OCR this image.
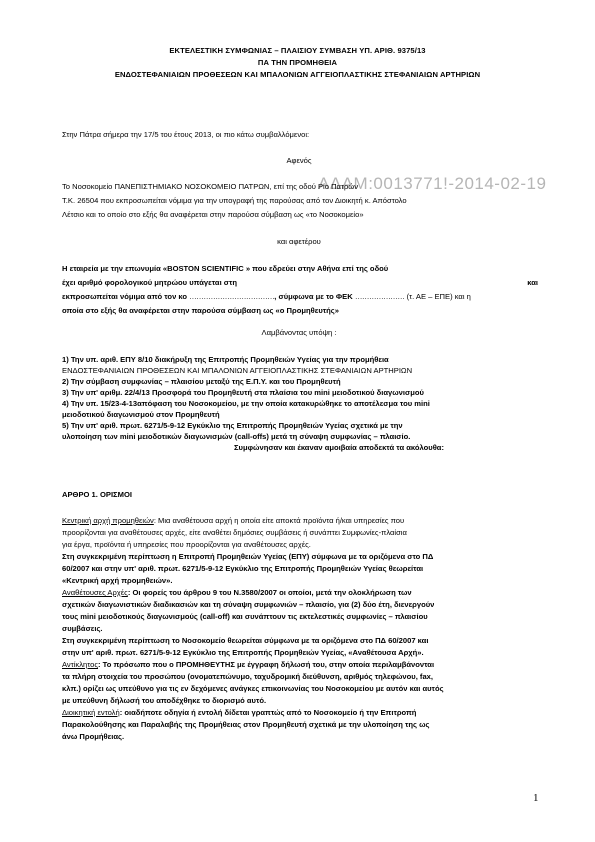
ΕΚΤΕΛΕΣΤΙΚΗ ΣΥΜΦΩΝΙΑΣ – ΠΛΑΙΣΙΟΥ ΣΥΜΒΑΣΗ ΥΠ. ΑΡΙΘ. 9375/13
ΠΑ ΤΗΝ ΠΡΟΜΗΘΕΙΑ
ΕΝΔΟΣΤΕΦΑΝΙΑΙΩΝ ΠΡΟΘΕΣΕΩΝ ΚΑΙ ΜΠΑΛΟΝΙΩΝ ΑΓΓΕΙΟΠΛΑΣΤΙΚΗΣ ΣΤΕΦΑΝΙΑΙΩΝ ΑΡΤΗΡΙΩΝ
ΑΔΑΜ:0013771!-2014-02-19
Στην Πάτρα σήμερα την 17/5 του έτους 2013, οι πιο κάτω συμβαλλόμενοι:
Αφενός
Το Νοσοκομείο ΠΑΝΕΠΙΣΤΗΜΙΑΚΟ ΝΟΣΟΚΟΜΕΙΟ ΠΑΤΡΩΝ, επί της οδού Ρίο Πατρών
Τ.Κ. 26504 που εκπροσωπείται νόμιμα για την υπογραφή της παρούσας από τον Διοικητή κ. Απόστολο
Λέτσιο και το οποίο στο εξής θα αναφέρεται στην παρούσα σύμβαση ως «το Νοσοκομείο»
και αφετέρου
Η εταιρεία με την επωνυμία «BOSTON SCIENTIFIC » που εδρεύει στην Αθήνα επί της οδού
έχει αριθμό φορολογικού μητρώου υπάγεται στη	και
εκπροσωπείται νόμιμα από τον κο ………………………………, σύμφωνα με το ΦΕΚ ………………… (τ. ΑΕ – ΕΠΕ) και η
οποία στο εξής θα αναφέρεται στην παρούσα σύμβαση ως «ο Προμηθευτής»
Λαμβάνοντας υπόψη :
1) Την υπ. αριθ. ΕΠΥ 8/10 διακήρυξη της Επιτροπής Προμηθειών Υγείας για την προμήθεια
ΕΝΔΟΣΤΕΦΑΝΙΑΙΩΝ ΠΡΟΘΕΣΕΩΝ ΚΑΙ ΜΠΑΛΟΝΙΩΝ ΑΓΓΕΙΟΠΛΑΣΤΙΚΗΣ ΣΤΕΦΑΝΙΑΙΩΝ ΑΡΤΗΡΙΩΝ
2) Την σύμβαση συμφωνίας – πλαισίου μεταξύ της Ε.Π.Υ. και του Προμηθευτή
3) Την υπ' αριθμ. 22/4/13 Προσφορά του Προμηθευτή στα πλαίσια του mini μειοδοτικού διαγωνισμού
4) Την υπ. 15/23-4-13απόφαση του Νοσοκομείου, με την οποία κατακυρώθηκε το αποτέλεσμα του mini
μειοδοτικού διαγωνισμού στον Προμηθευτή
5) Την υπ' αριθ. πρωτ. 6271/5-9-12 Εγκύκλιο της Επιτροπής Προμηθειών Υγείας σχετικά με την
υλοποίηση των mini μειοδοτικών διαγωνισμών (call-offs) μετά τη σύναψη συμφωνίας – πλαισίο.
Συμφώνησαν και έκαναν αμοιβαία αποδεκτά τα ακόλουθα:
ΑΡΘΡΟ 1. ΟΡΙΣΜΟΙ
Κεντρική αρχή προμηθειών: Μια αναθέτουσα αρχή η οποία είτε αποκτά προϊόντα ή/και υπηρεσίες που
προορίζονται για αναθέτουσες αρχές, είτε αναθέτει δημόσιες συμβάσεις ή συνάπτει Συμφωνίες-πλαίσια
για έργα, προϊόντα ή υπηρεσίες που προορίζονται για αναθέτουσες αρχές.
Στη συγκεκριμένη περίπτωση η Επιτροπή Προμηθειών Υγείας (ΕΠΥ) σύμφωνα με τα οριζόμενα στο ΠΔ
60/2007 και στην υπ' αριθ. πρωτ. 6271/5-9-12 Εγκύκλιο της Επιτροπής Προμηθειών Υγείας θεωρείται
«Κεντρική αρχή προμηθειών».
Αναθέτουσες Αρχές: Οι φορείς του άρθρου 9 του Ν.3580/2007 οι οποίοι, μετά την ολοκλήρωση των
σχετικών διαγωνιστικών διαδικασιών και τη σύναψη συμφωνιών – πλαισίο, για (2) δύο έτη, διενεργούν
τους mini μειοδοτικούς διαγωνισμούς (call-off) και συνάπτουν τις εκτελεστικές συμφωνίες – πλαισίου
συμβάσεις.
Στη συγκεκριμένη περίπτωση το Νοσοκομείο θεωρείται σύμφωνα με τα οριζόμενα στο ΠΔ 60/2007 και
στην υπ' αριθ. πρωτ. 6271/5-9-12 Εγκύκλιο της Επιτροπής Προμηθειών Υγείας, «Αναθέτουσα Αρχή».
Αντίκλητος: Το πρόσωπο που ο ΠΡΟΜΗΘΕΥΤΗΣ με έγγραφη δήλωσή του, στην οποία περιλαμβάνονται
τα πλήρη στοιχεία του προσώπου (ονοματεπώνυμο, ταχυδρομική διεύθυνση, αριθμός τηλεφώνου, fax,
κλπ.) ορίζει ως υπεύθυνο για τις εν δεχόμενες ανάγκες επικοινωνίας του Νοσοκομείου με αυτόν και αυτός
με υπεύθυνη δήλωσή του αποδέχθηκε το διορισμό αυτό.
Διοικητική εντολή: οιαδήποτε οδηγία ή εντολή δίδεται γραπτώς από το Νοσοκομείο ή την Επιτροπή
Παρακολούθησης και Παραλαβής της Προμήθειας στον Προμηθευτή σχετικά με την υλοποίηση της ως
άνω Προμήθειας.
1
